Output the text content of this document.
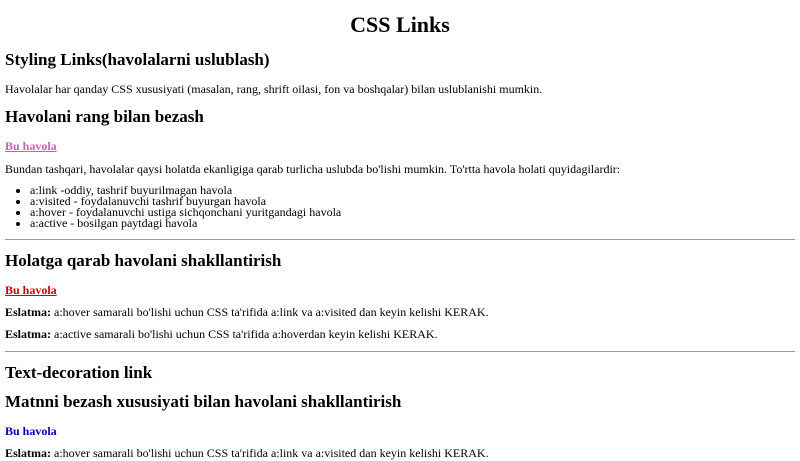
CSS Links
Styling Links(havolalarni uslublash)

Havolalar har qanday CSS xususiyati (masalan, rang, shrift oilasi, fon va boshqalar) bilan uslublanishi mumkin.

Havolani rang bilan bezash
Bu havola

Bundan tashqari, havolalar qaysi holatda ekanligiga qarab turlicha uslubda bo'lishi mumkin. To'rtta havola holati quyidagilardir:

• a:link -oddiy, tashrif buyurilmagan havola
• a:visited - foydalanuvchi tashrif buyurgan havola
• a:hover - foydalanuvchi ustiga sichqonchani yuritgandagi havola
• a:active - bosilgan paytdagi havola
Holatga qarab havolani shakllantirish
Bu havola

Eslatma: a:hover samarali bo'lishi uchun CSS ta'rifida a:link va a:visited dan keyin kelishi KERAK.

Eslatma: a:active samarali bo'lishi uchun CSS ta'rifida a:hoverdan keyin kelishi KERAK.

Text-decoration link
Matnni bezash xususiyati bilan havolani shakllantirish
Bu havola

Eslatma: a:hover samarali bo'lishi uchun CSS ta'rifida a:link va a:visited dan keyin kelishi KERAK.
